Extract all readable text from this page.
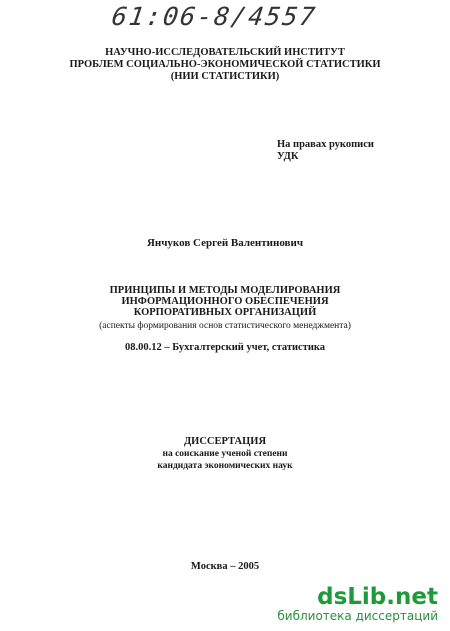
61:06-8/4557
НАУЧНО-ИССЛЕДОВАТЕЛЬСКИЙ ИНСТИТУТ
ПРОБЛЕМ СОЦИАЛЬНО-ЭКОНОМИЧЕСКОЙ СТАТИСТИКИ
(НИИ СТАТИСТИКИ)
На правах рукописи
УДК
Янчуков Сергей Валентинович
ПРИНЦИПЫ И МЕТОДЫ МОДЕЛИРОВАНИЯ
ИНФОРМАЦИОННОГО ОБЕСПЕЧЕНИЯ
КОРПОРАТИВНЫХ ОРГАНИЗАЦИЙ
(аспекты формирования основ статистического менеджмента)
08.00.12 – Бухгалтерский учет, статистика
ДИССЕРТАЦИЯ
на соискание ученой степени
кандидата экономических наук
Москва – 2005
dsLib.net
библиотека диссертаций
